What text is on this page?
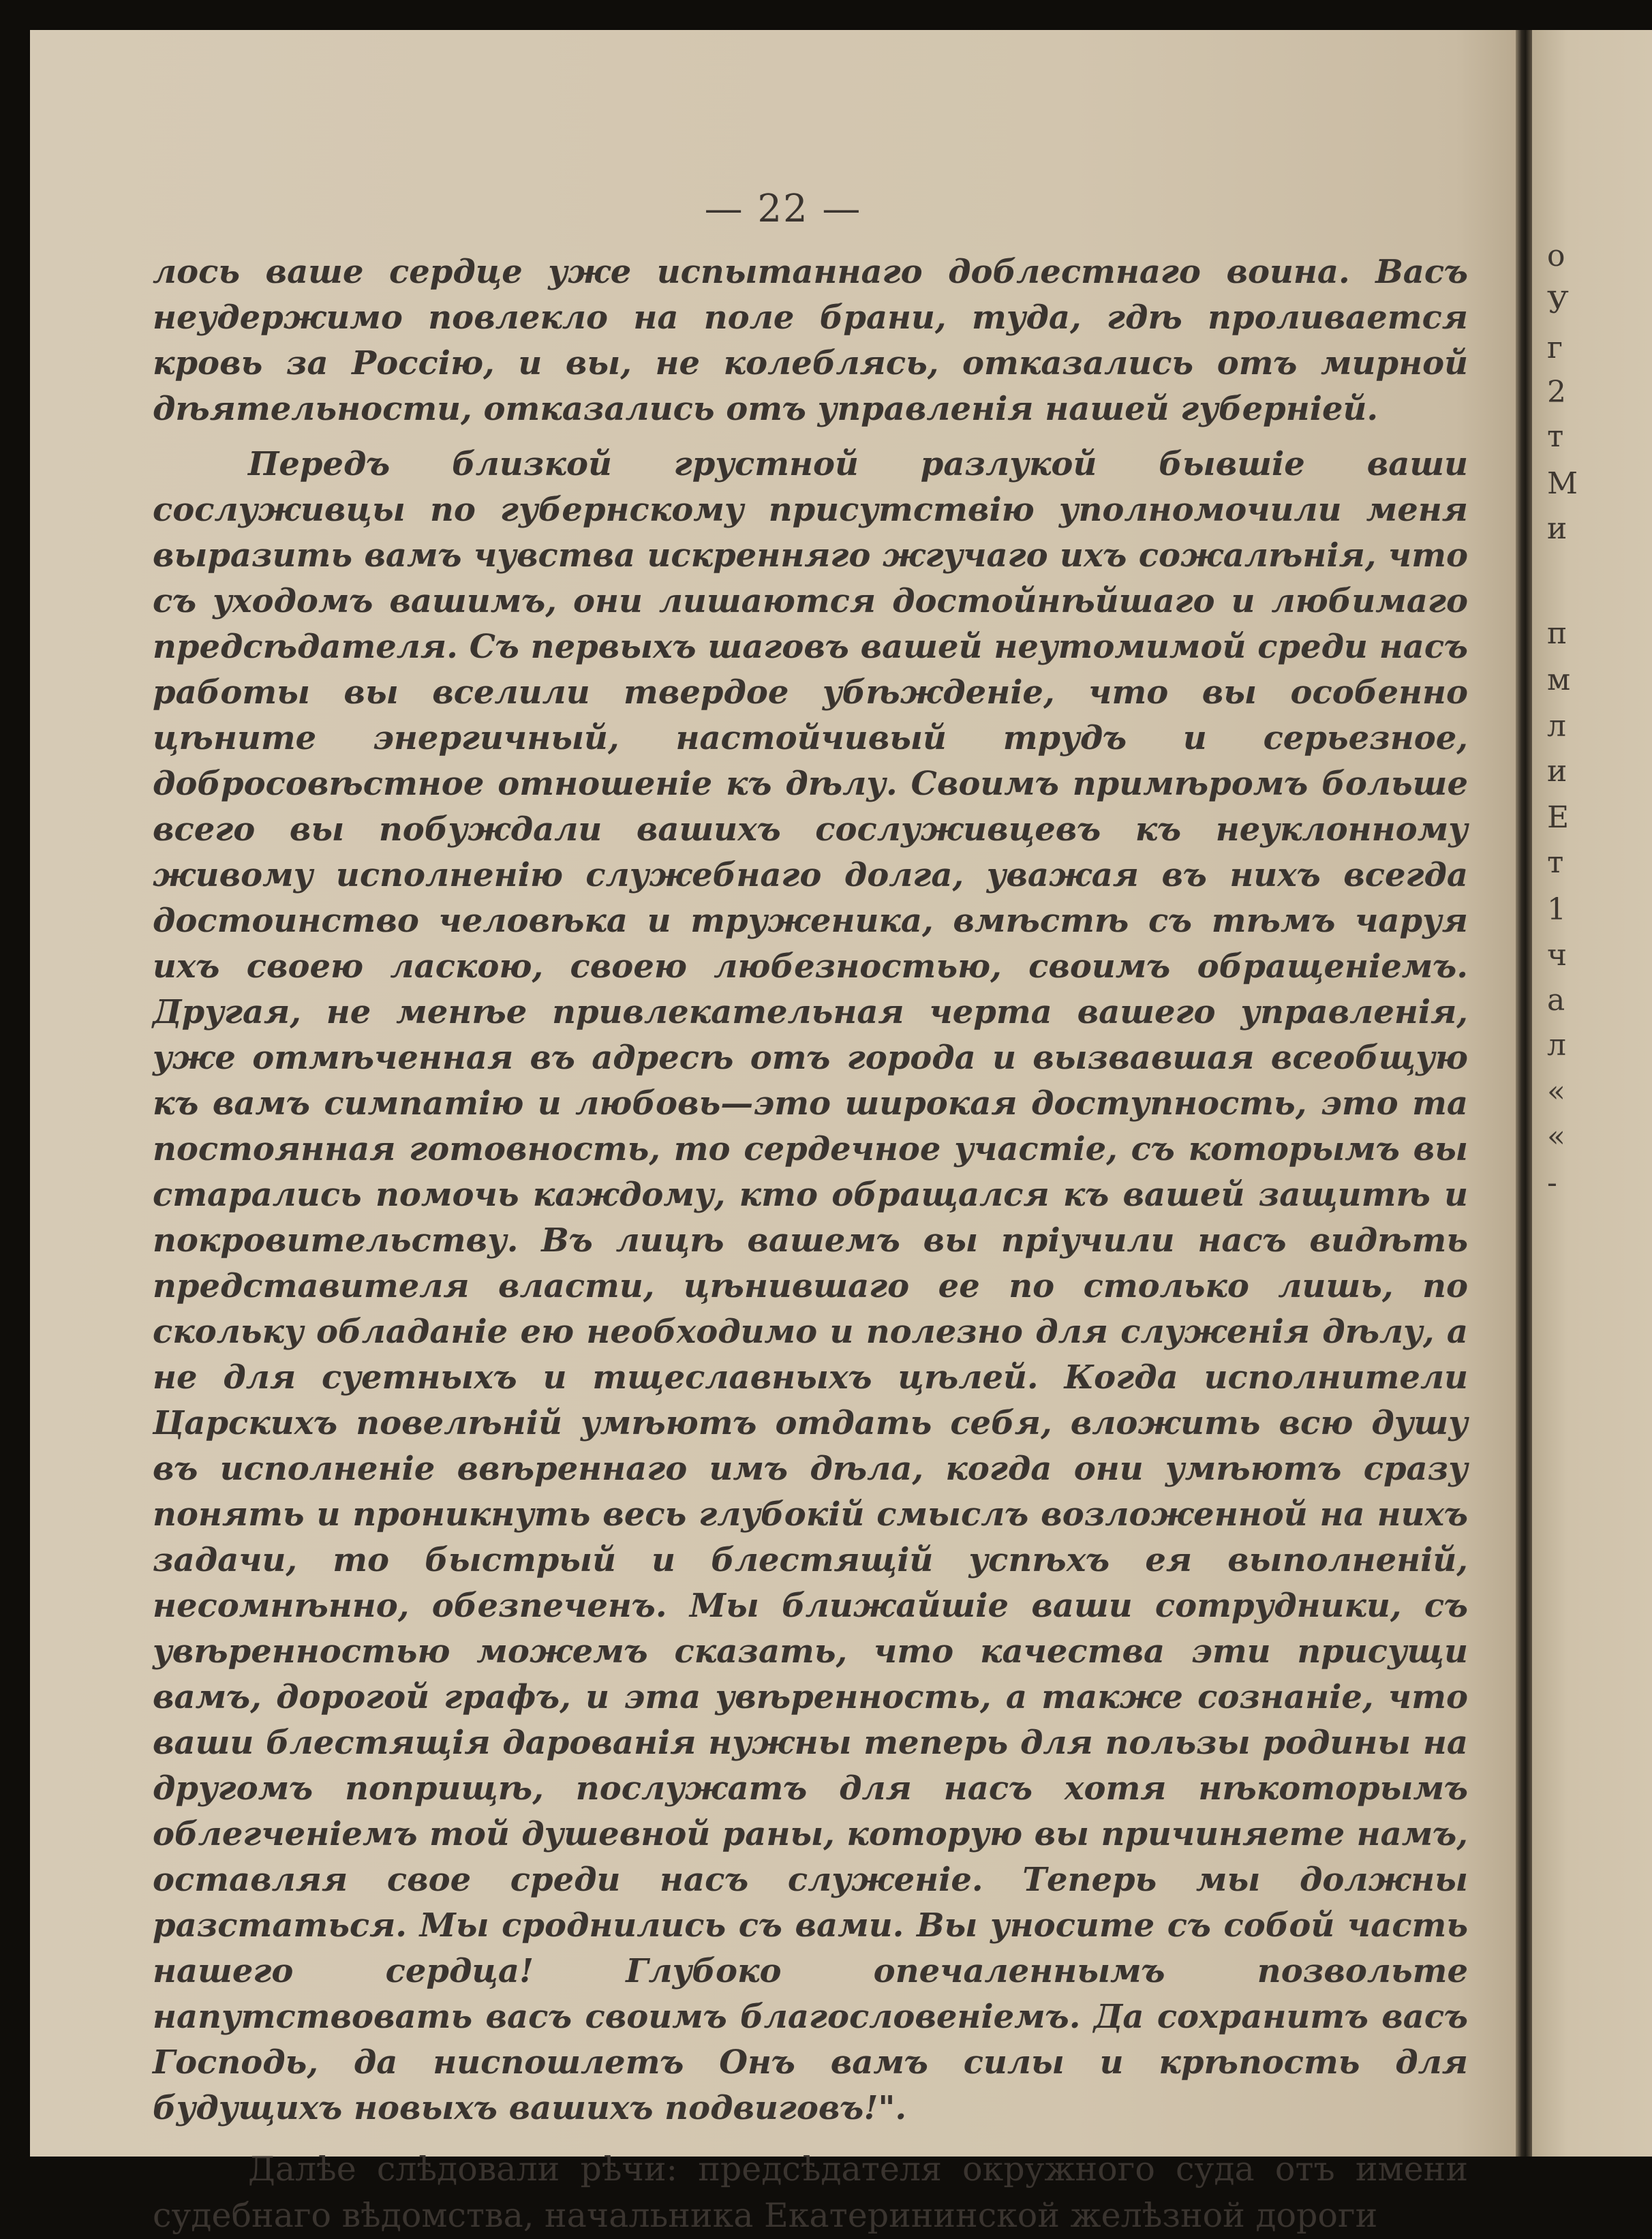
— 22 —

лось ваше сердце уже испытаннаго доблестнаго воина. Васъ неудержимо повлекло на поле брани, туда, гдѣ проливается кровь за Россію, и вы, не колеблясь, отказались отъ мирной дѣятельности, отказались отъ управленія нашей губерніей.

Передъ близкой грустной разлукой бывшіе ваши сослуживцы по губернскому присутствію уполномочили меня выразить вамъ чувства искренняго жгучаго ихъ сожалѣнія, что съ уходомъ вашимъ, они лишаются достойнѣйшаго и любимаго предсѣдателя. Съ первыхъ шаговъ вашей неутомимой среди насъ работы вы вселили твердое убѣжденіе, что вы особенно цѣните энергичный, настойчивый трудъ и серьезное, добросовѣстное отношеніе къ дѣлу. Своимъ примѣромъ больше всего вы побуждали вашихъ сослуживцевъ къ неуклонному живому исполненію служебнаго долга, уважая въ нихъ всегда достоинство человѣка и труженика, вмѣстѣ съ тѣмъ чаруя ихъ своею ласкою, своею любезностью, своимъ обращеніемъ. Другая, не менѣе привлекательная черта вашего управленія, уже отмѣченная въ адресѣ отъ города и вызвавшая всеобщую къ вамъ симпатію и любовь—это широкая доступность, это та постоянная готовность, то сердечное участіе, съ которымъ вы старались помочь каждому, кто обращался къ вашей защитѣ и покровительству. Въ лицѣ вашемъ вы пріучили насъ видѣть представителя власти, цѣнившаго ее по столько лишь, по скольку обладаніе ею необходимо и полезно для служенія дѣлу, а не для суетныхъ и тщеславныхъ цѣлей. Когда исполнители Царскихъ повелѣній умѣютъ отдать себя, вложить всю душу въ исполненіе ввѣреннаго имъ дѣла, когда они умѣютъ сразу понять и проникнуть весь глубокій смыслъ возложенной на нихъ задачи, то быстрый и блестящій успѣхъ ея выполненій, несомнѣнно, обезпеченъ. Мы ближайшіе ваши сотрудники, съ увѣренностью можемъ сказать, что качества эти присущи вамъ, дорогой графъ, и эта увѣренность, а также сознаніе, что ваши блестящія дарованія нужны теперь для пользы родины на другомъ поприщѣ, послужатъ для насъ хотя нѣкоторымъ облегченіемъ той душевной раны, которую вы причиняете намъ, оставляя свое среди насъ служеніе. Теперь мы должны разстаться. Мы сроднились съ вами. Вы уносите съ собой часть нашего сердца! Глубоко опечаленнымъ позвольте напутствовать васъ своимъ благословеніемъ. Да сохранитъ васъ Господь, да ниспошлетъ Онъ вамъ силы и крѣпость для будущихъ новыхъ вашихъ подвиговъ!".

Далѣе слѣдовали рѣчи: предсѣдателя окружного суда отъ имени судебнаго вѣдомства, начальника Екатерининской желѣзной дороги

о
У
г
2
т
М
и
п
м
л
и
Е
т
1
ч
а
л
«
«
-
